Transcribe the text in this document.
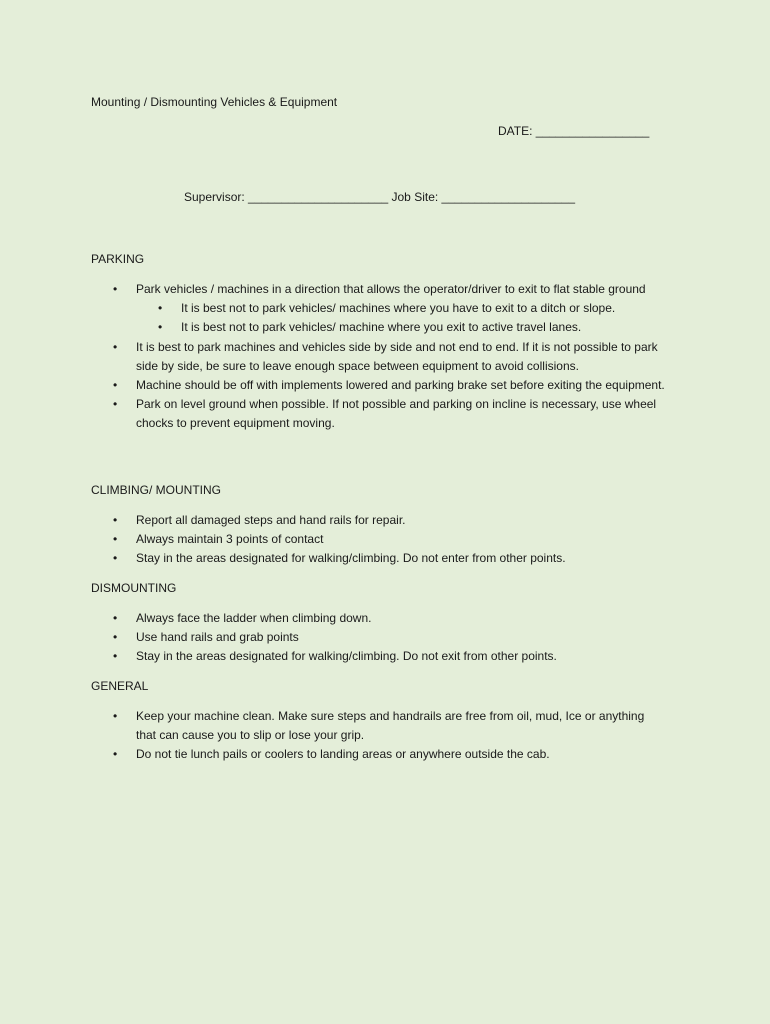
Mounting / Dismounting Vehicles & Equipment
DATE: _________________
Supervisor: _____________________ Job Site: ____________________
PARKING
• Park vehicles / machines in a direction that allows the operator/driver to exit to flat stable ground
• It is best not to park vehicles/ machines where you have to exit to a ditch or slope.
• It is best not to park vehicles/ machine where you exit to active travel lanes.
• It is best to park machines and vehicles side by side and not end to end. If it is not possible to park side by side, be sure to leave enough space between equipment to avoid collisions.
• Machine should be off with implements lowered and parking brake set before exiting the equipment.
• Park on level ground when possible. If not possible and parking on incline is necessary, use wheel chocks to prevent equipment moving.
CLIMBING/ MOUNTING
• Report all damaged steps and hand rails for repair.
• Always maintain 3 points of contact
• Stay in the areas designated for walking/climbing. Do not enter from other points.
DISMOUNTING
• Always face the ladder when climbing down.
• Use hand rails and grab points
• Stay in the areas designated for walking/climbing. Do not exit from other points.
GENERAL
• Keep your machine clean. Make sure steps and handrails are free from oil, mud, Ice or anything that can cause you to slip or lose your grip.
• Do not tie lunch pails or coolers to landing areas or anywhere outside the cab.
